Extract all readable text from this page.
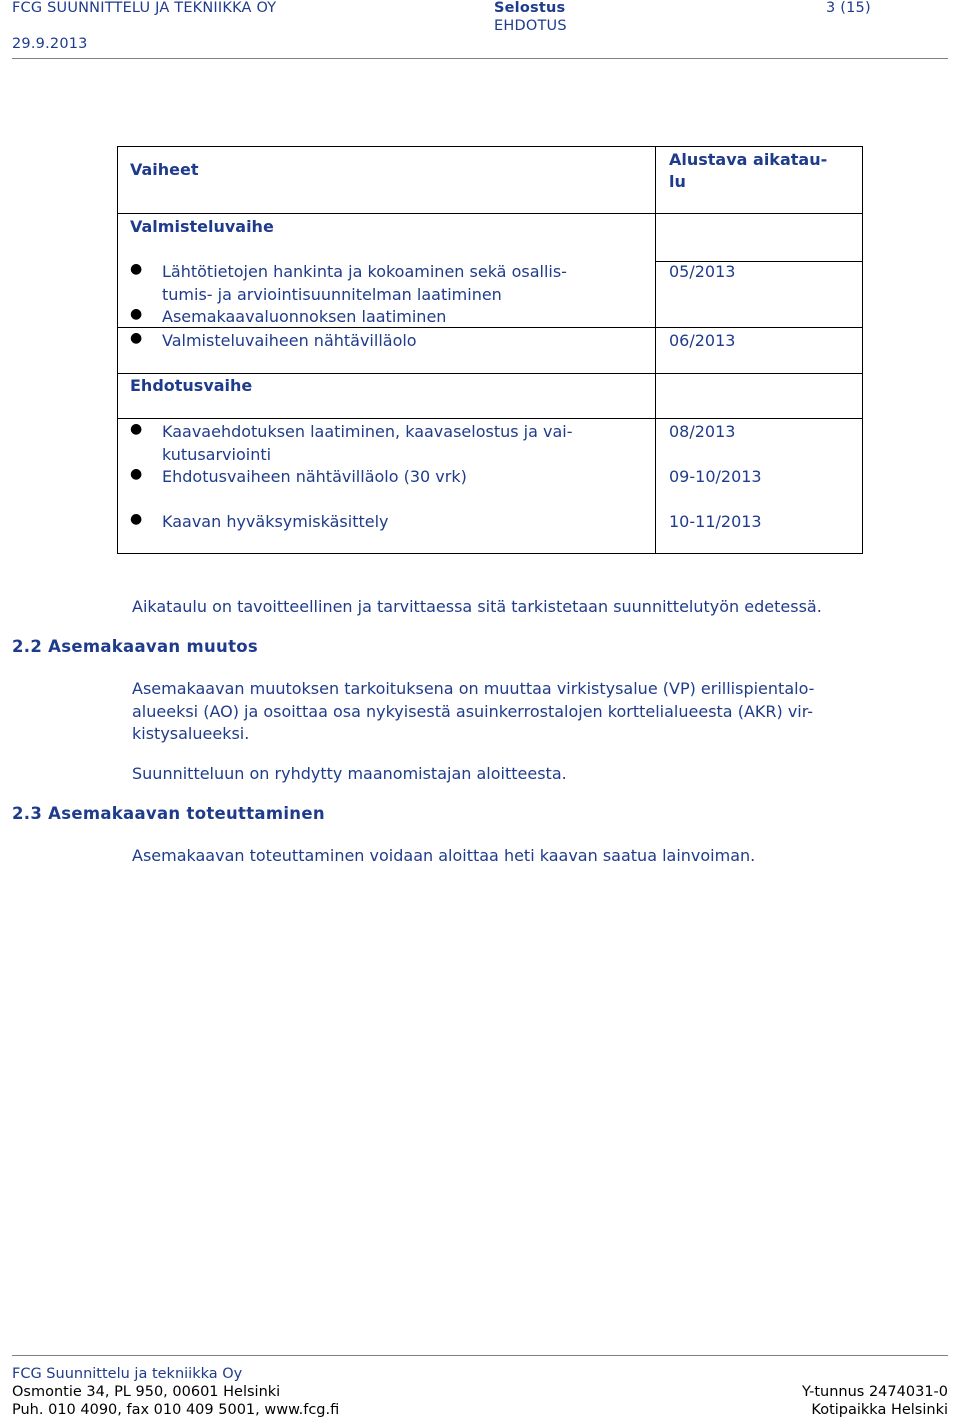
FCG SUUNNITTELU JA TEKNIIKKA OY
29.9.2013
Selostus
EHDOTUS
3 (15)
Vaiheet
Alustava aikatau-
lu
Valmisteluvaihe
● Lähtötietojen hankinta ja kokoaminen sekä osallis-
tumis- ja arviointisuunnitelman laatiminen
● Asemakaavaluonnoksen laatiminen
● Valmisteluvaiheen nähtävilläolo
05/2013
06/2013
Ehdotusvaihe
● Kaavaehdotuksen laatiminen, kaavaselostus ja vai-
kutusarviointi
● Ehdotusvaiheen nähtävilläolo (30 vrk)
● Kaavan hyväksymiskäsittely
08/2013
09-10/2013
10-11/2013
Aikataulu on tavoitteellinen ja tarvittaessa sitä tarkistetaan suunnittelutyön edetessä.
2.2 Asemakaavan muutos
Asemakaavan muutoksen tarkoituksena on muuttaa virkistysalue (VP) erillispientalo-
alueeksi (AO) ja osoittaa osa nykyisestä asuinkerrostalojen korttelialueesta (AKR) vir-
kistysalueeksi.
Suunnitteluun on ryhdytty maanomistajan aloitteesta.
2.3 Asemakaavan toteuttaminen
Asemakaavan toteuttaminen voidaan aloittaa heti kaavan saatua lainvoiman.
FCG Suunnittelu ja tekniikka Oy
Osmontie 34, PL 950, 00601 Helsinki
Puh. 010 4090, fax 010 409 5001, www.fcg.fi
Y-tunnus 2474031-0
Kotipaikka Helsinki
